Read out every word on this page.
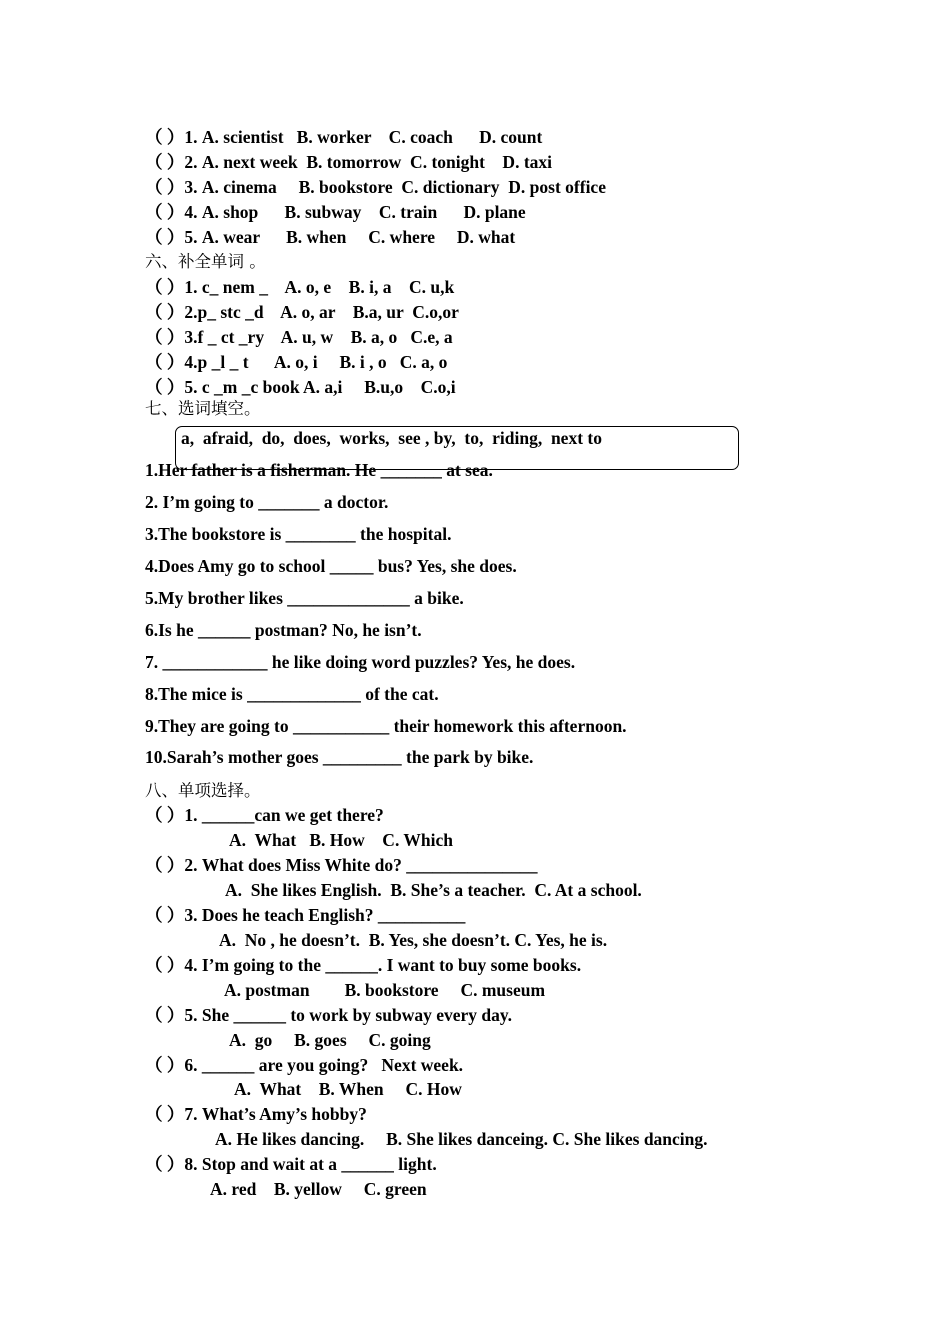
（ ）1. A. scientist   B. worker    C. coach      D. count
（ ）2. A. next week  B. tomorrow  C. tonight    D. taxi
（ ）3. A. cinema     B. bookstore  C. dictionary  D. post office
（ ）4. A. shop      B. subway    C. train      D. plane
（ ）5. A. wear      B. when     C. where     D. what
六、补全单词 。
（ ）1. c_ nem _    A. o, e    B. i, a    C. u,k
（ ）2.p_ stc _d    A. o, ar    B.a, ur  C.o,or
（ ）3.f _ ct _ry    A. u, w    B. a, o   C.e, a
（ ）4.p _l _ t      A. o, i     B. i , o   C. a, o
（ ）5. c _m _c book A. a,i     B.u,o    C.o,i
七、选词填空。
a,  afraid,  do,  does,  works,  see , by,  to,  riding,  next to
1.Her father is a fisherman. He _______ at sea.
2. I’m going to _______ a doctor.
3.The bookstore is ________ the hospital.
4.Does Amy go to school _____ bus? Yes, she does.
5.My brother likes ______________ a bike.
6.Is he ______ postman? No, he isn’t.
7. ____________ he like doing word puzzles? Yes, he does.
8.The mice is _____________ of the cat.
9.They are going to ___________ their homework this afternoon.
10.Sarah’s mother goes _________ the park by bike.
八、单项选择。
（ ）1. ______can we get there?
A.  What   B. How    C. Which
（ ）2. What does Miss White do? _______________
A.  She likes English.  B. She’s a teacher.  C. At a school.
（ ）3. Does he teach English? __________
A.  No , he doesn’t.  B. Yes, she doesn’t. C. Yes, he is.
（ ）4. I’m going to the ______. I want to buy some books.
A. postman        B. bookstore     C. museum
（ ）5. She ______ to work by subway every day.
A.  go     B. goes     C. going
（ ）6. ______ are you going?   Next week.
A.  What    B. When     C. How
（ ）7. What’s Amy’s hobby?
A. He likes dancing.     B. She likes danceing. C. She likes dancing.
（ ）8. Stop and wait at a ______ light.
A. red    B. yellow     C. green
